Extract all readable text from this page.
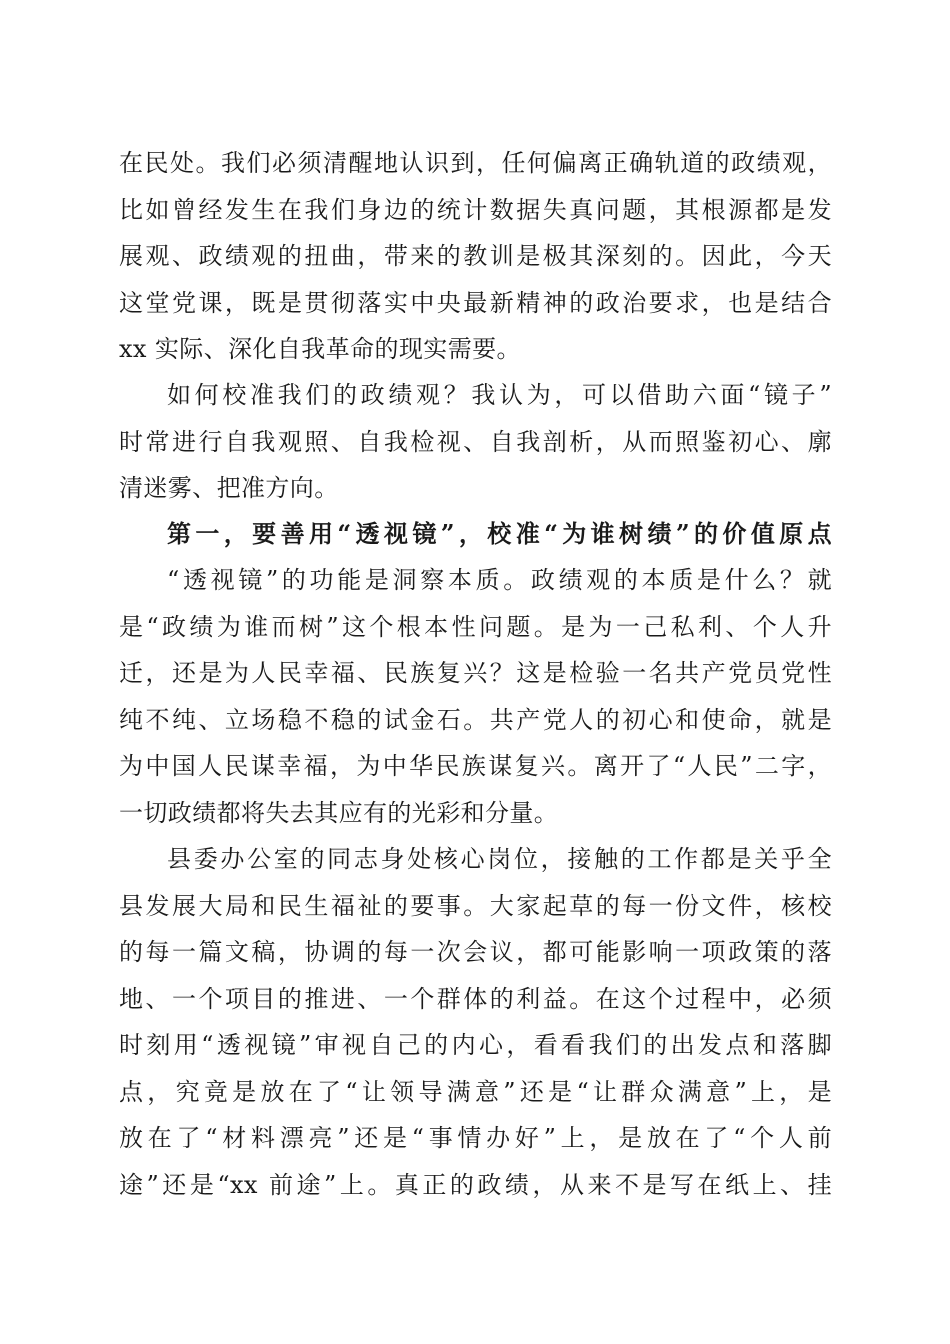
在民处。我们必须清醒地认识到，任何偏离正确轨道的政绩观，
比如曾经发生在我们身边的统计数据失真问题，其根源都是发
展观、政绩观的扭曲，带来的教训是极其深刻的。因此，今天
这堂党课，既是贯彻落实中央最新精神的政治要求，也是结合
xx 实际、深化自我革命的现实需要。
如何校准我们的政绩观？我认为，可以借助六面“镜子”
时常进行自我观照、自我检视、自我剖析，从而照鉴初心、廓
清迷雾、把准方向。
第一，要善用“透视镜”，校准“为谁树绩”的价值原点
“透视镜”的功能是洞察本质。政绩观的本质是什么？就
是“政绩为谁而树”这个根本性问题。是为一己私利、个人升
迁，还是为人民幸福、民族复兴？这是检验一名共产党员党性
纯不纯、立场稳不稳的试金石。共产党人的初心和使命，就是
为中国人民谋幸福，为中华民族谋复兴。离开了“人民”二字，
一切政绩都将失去其应有的光彩和分量。
县委办公室的同志身处核心岗位，接触的工作都是关乎全
县发展大局和民生福祉的要事。大家起草的每一份文件，核校
的每一篇文稿，协调的每一次会议，都可能影响一项政策的落
地、一个项目的推进、一个群体的利益。在这个过程中，必须
时刻用“透视镜”审视自己的内心，看看我们的出发点和落脚
点，究竟是放在了“让领导满意”还是“让群众满意”上，是
放在了“材料漂亮”还是“事情办好”上，是放在了“个人前
途”还是“xx 前途”上。真正的政绩，从来不是写在纸上、挂
